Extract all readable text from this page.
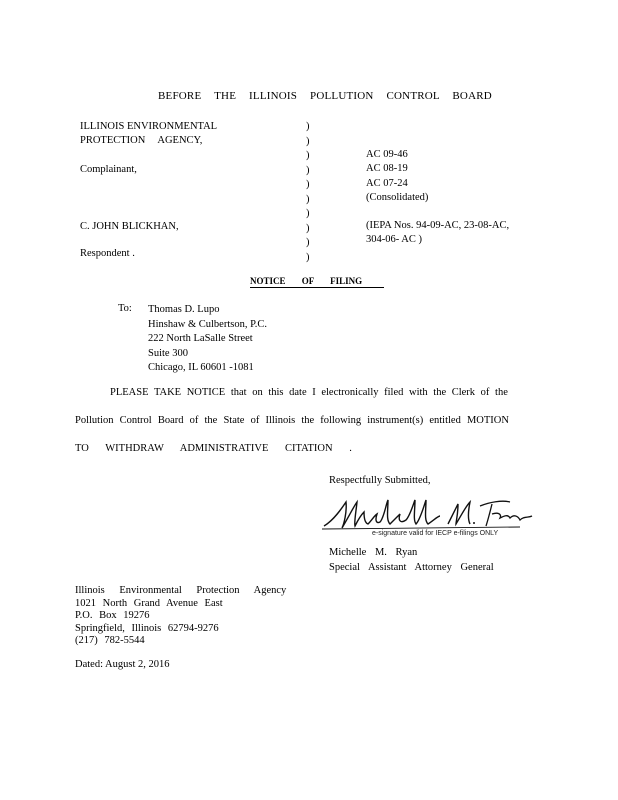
BEFORE THE ILLINOIS POLLUTION CONTROL BOARD
ILLINOIS ENVIRONMENTAL
PROTECTION AGENCY,
Complainant,
C. JOHN BLICKHAN,
Respondent .
)
)
)
)
)
)
)
)
)
)
AC 09-46
AC 08-19
AC 07-24
(Consolidated)
(IEPA Nos. 94-09-AC, 23-08-AC,
304-06- AC )
NOTICE OF FILING
To: Thomas D. Lupo
Hinshaw & Culbertson, P.C.
222 North LaSalle Street
Suite 300
Chicago, IL 60601 -1081
PLEASE TAKE NOTICE that on this date I electronically filed with the Clerk of the
Pollution Control Board of the State of Illinois the following instrument(s) entitled MOTION
TO WITHDRAW ADMINISTRATIVE CITATION .
Respectfully Submitted,
e-signature valid for IECP e-filings ONLY
Michelle M. Ryan
Special Assistant Attorney General
Illinois Environmental Protection Agency
1021 North Grand Avenue East
P.O. Box 19276
Springfield, Illinois 62794-9276
(217) 782-5544
Dated: August 2, 2016
